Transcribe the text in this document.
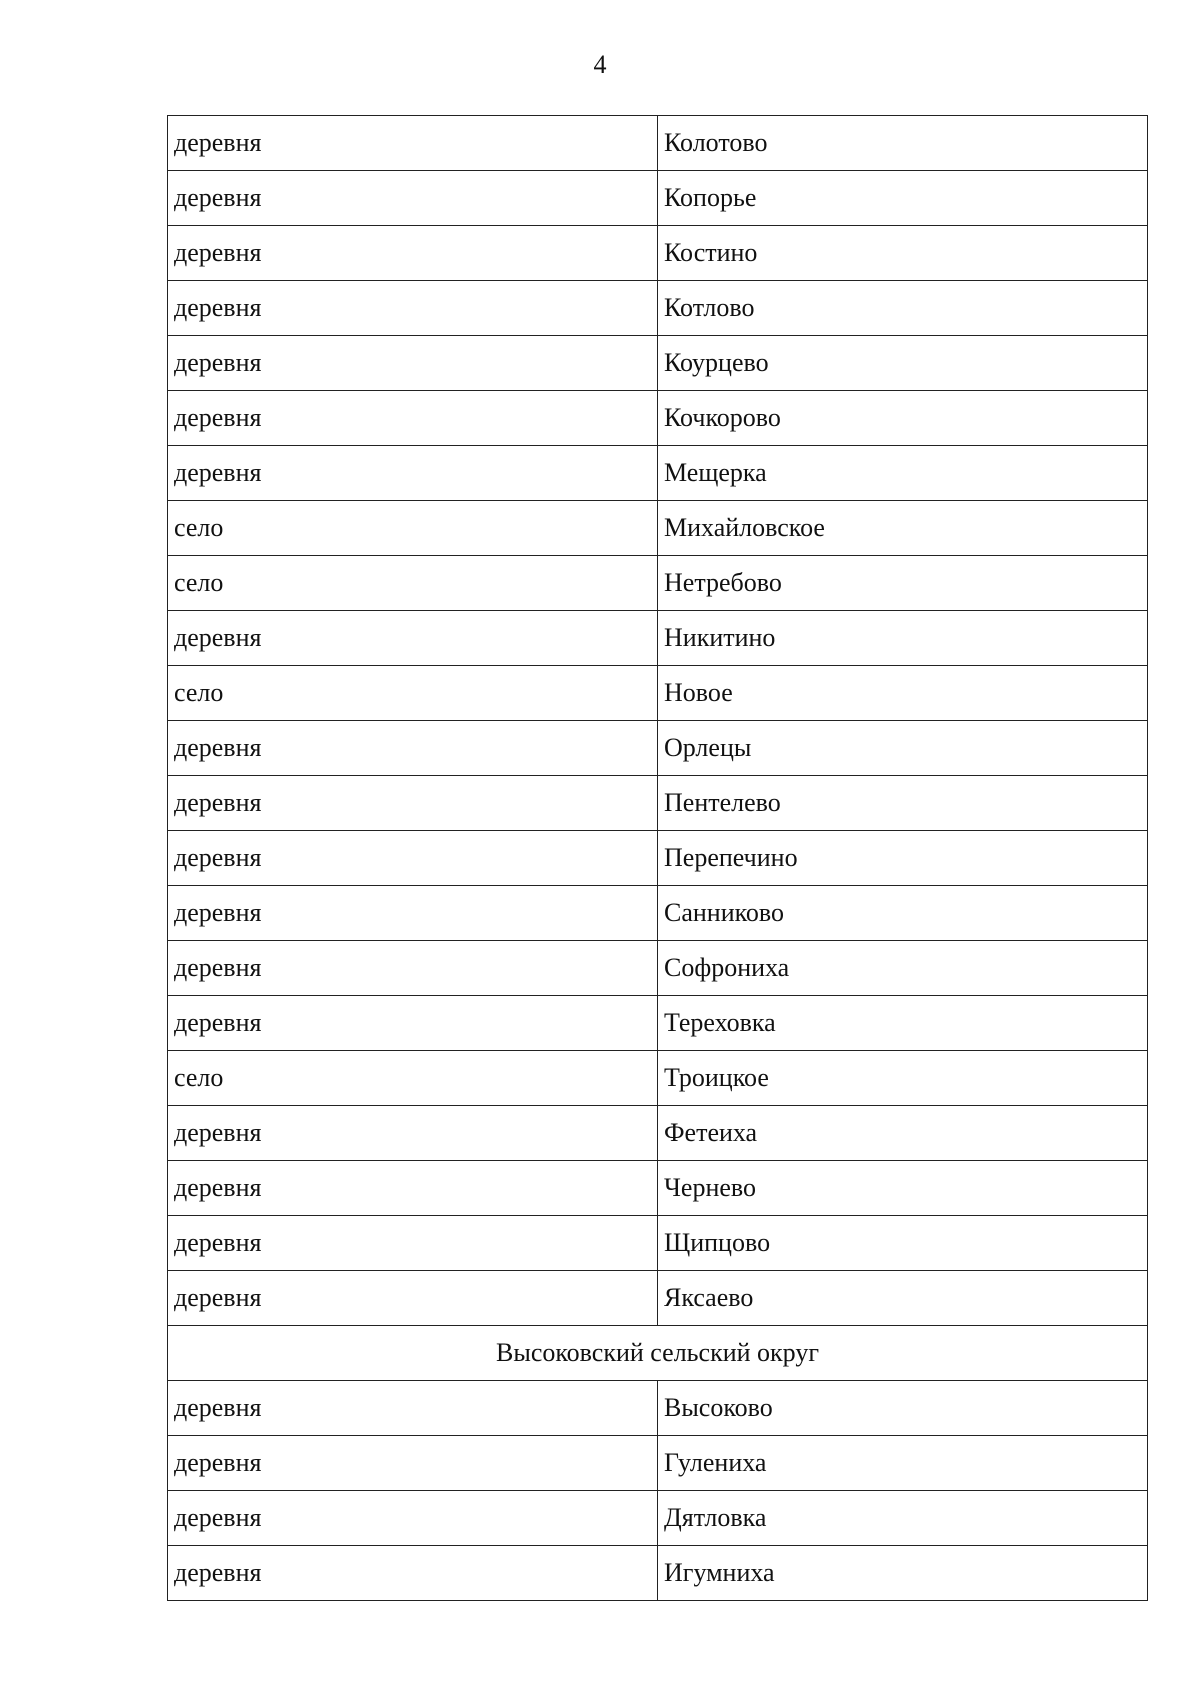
4
деревня	Колотово
деревня	Копорье
деревня	Костино
деревня	Котлово
деревня	Коурцево
деревня	Кочкорово
деревня	Мещерка
село	Михайловское
село	Нетребово
деревня	Никитино
село	Новое
деревня	Орлецы
деревня	Пентелево
деревня	Перепечино
деревня	Санниково
деревня	Софрониха
деревня	Тереховка
село	Троицкое
деревня	Фетеиха
деревня	Чернево
деревня	Щипцово
деревня	Яксаево
Высоковский сельский округ	
деревня	Высоково
деревня	Гулениха
деревня	Дятловка
деревня	Игумниха
